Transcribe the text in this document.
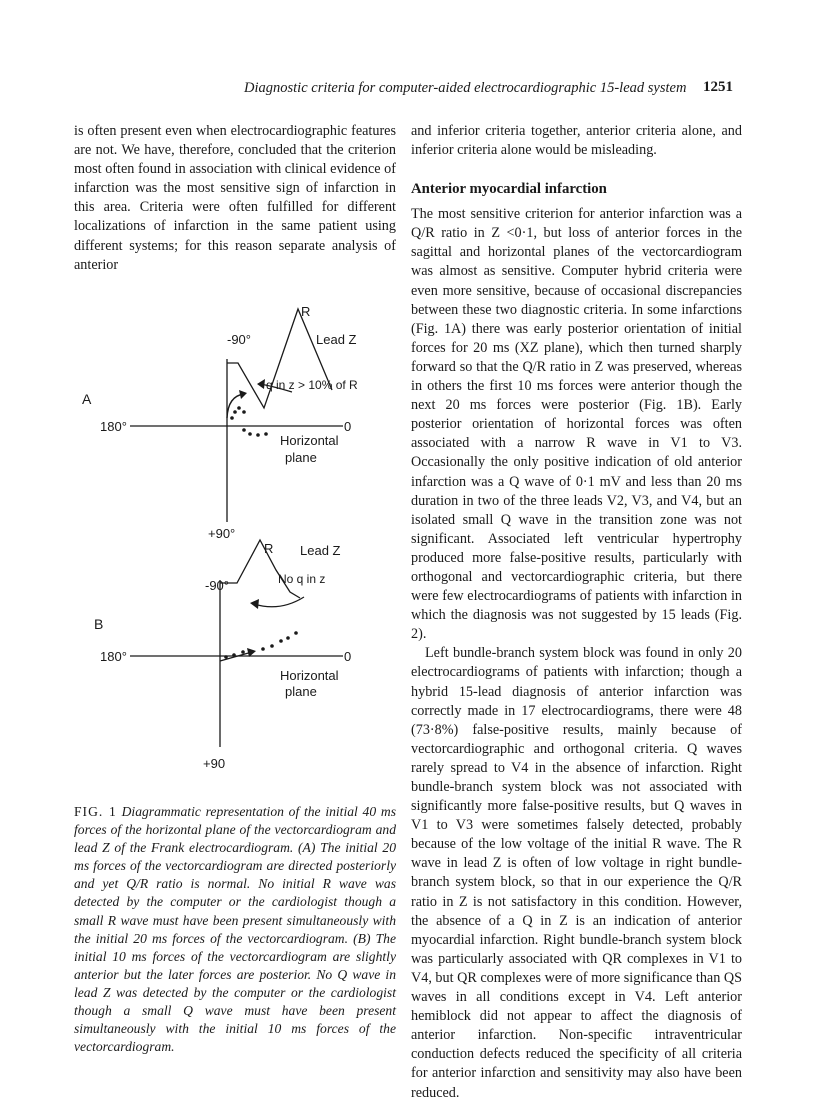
Diagnostic criteria for computer-aided electrocardiographic 15-lead system 1251

is often present even when electrocardiographic features are not. We have, therefore, concluded that the criterion most often found in association with clinical evidence of infarction was the most sensitive sign of infarction in this area. Criteria were often fulfilled for different localizations of infarction in the same patient using different systems; for this reason separate analysis of anterior

A
-90°
180°	0
+90°
R
Lead Z
q in z > 10% of R
Horizontal
plane
B
-90°
180°	0
+90
R Lead Z
No q in z
Horizontal
plane
FIG. 1 Diagrammatic representation of the initial 40 ms forces of the horizontal plane of the vectorcardiogram and lead Z of the Frank electrocardiogram. (A) The initial 20 ms forces of the vectorcardiogram are directed posteriorly and yet Q/R ratio is normal. No initial R wave was detected by the computer or the cardiologist though a small R wave must have been present simultaneously with the initial 20 ms forces of the vectorcardiogram. (B) The initial 10 ms forces of the vectorcardiogram are slightly anterior but the later forces are posterior. No Q wave in lead Z was detected by the computer or the cardiologist though a small Q wave must have been present simultaneously with the initial 10 ms forces of the vectorcardiogram.

and inferior criteria together, anterior criteria alone, and inferior criteria alone would be misleading.

Anterior myocardial infarction

The most sensitive criterion for anterior infarction was a Q/R ratio in Z <0·1, but loss of anterior forces in the sagittal and horizontal planes of the vectorcardiogram was almost as sensitive. Computer hybrid criteria were even more sensitive, because of occasional discrepancies between these two diagnostic criteria. In some infarctions (Fig. 1A) there was early posterior orientation of initial forces for 20 ms (XZ plane), which then turned sharply forward so that the Q/R ratio in Z was preserved, whereas in others the first 10 ms forces were anterior though the next 20 ms forces were posterior (Fig. 1B). Early posterior orientation of horizontal forces was often associated with a narrow R wave in V1 to V3. Occasionally the only positive indication of old anterior infarction was a Q wave of 0·1 mV and less than 20 ms duration in two of the three leads V2, V3, and V4, but an isolated small Q wave in the transition zone was not significant. Associated left ventricular hypertrophy produced more false-positive results, particularly with orthogonal and vectorcardiographic criteria, but there were few electrocardiograms of patients with infarction in which the diagnosis was not suggested by 15 leads (Fig. 2).

Left bundle-branch system block was found in only 20 electrocardiograms of patients with infarction; though a hybrid 15-lead diagnosis of anterior infarction was correctly made in 17 electrocardiograms, there were 48 (73·8%) false-positive results, mainly because of vectorcardiographic and orthogonal criteria. Q waves rarely spread to V4 in the absence of infarction. Right bundle-branch system block was not associated with significantly more false-positive results, but Q waves in V1 to V3 were sometimes falsely detected, probably because of the low voltage of the initial R wave. The R wave in lead Z is often of low voltage in right bundle-branch system block, so that in our experience the Q/R ratio in Z is not satisfactory in this condition. However, the absence of a Q in Z is an indication of anterior myocardial infarction. Right bundle-branch system block was particularly associated with QR complexes in V1 to V4, but QR complexes were of more significance than QS waves in all conditions except in V4. Left anterior hemiblock did not appear to affect the diagnosis of anterior infarction. Non-specific intraventricular conduction defects reduced the specificity of all criteria for anterior infarction and sensitivity may also have been reduced.
